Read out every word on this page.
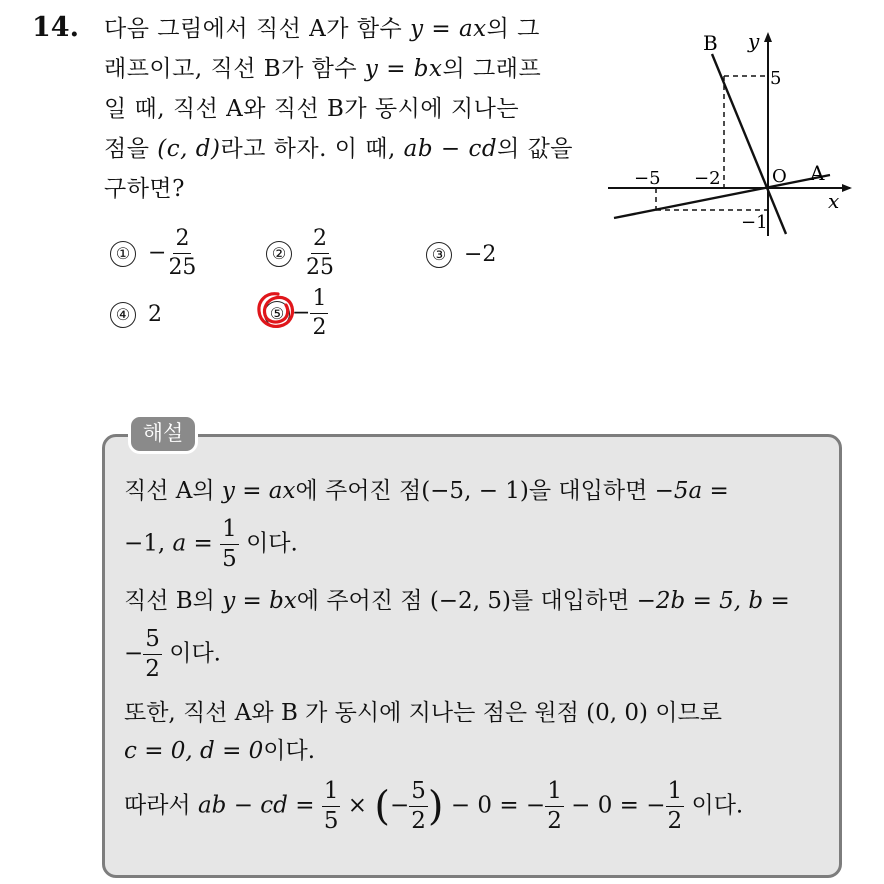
14. 다음 그림에서 직선 A가 함수 y = ax의 그
래프이고, 직선 B가 함수 y = bx의 그래프
일 때, 직선 A와 직선 B가 동시에 지나는
점을 (c, d)라고 하자. 이 때, ab − cd의 값을
구하면?
B
A
y
x
O
−5 −2
5
−1
① − $\frac{2}{25}$	② $\frac{2}{25}$	③ −2
④ 2	⑤ − $\frac{1}{2}$
해설
직선 A의 y = ax에 주어진 점(−5, − 1)을 대입하면 −5a =
−1, $a = \frac{1}{5}$ 이다.
직선 B의 y = bx에 주어진 점 (−2, 5)를 대입하면 −2b = 5, b =
− $\frac{5}{2}$ 이다.
또한, 직선 A와 B 가 동시에 지나는 점은 원점 (0, 0) 이므로
c = 0, d = 0이다.
따라서 ab − cd = $\frac{1}{5}$ × (− $\frac{5}{2}$ ) − 0 = − $\frac{1}{2} - 0$ = − $\frac{1}{2}$ 이다.
